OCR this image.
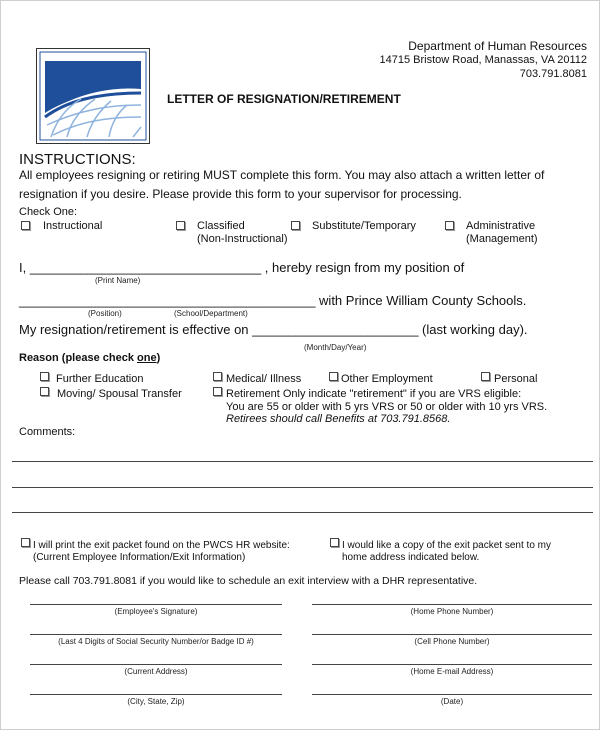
Department of Human Resources
14715 Bristow Road, Manassas, VA 20112
703.791.8081
LETTER OF RESIGNATION/RETIREMENT
INSTRUCTIONS:
All employees resigning or retiring MUST complete this form. You may also attach a written letter of
resignation if you desire. Please provide this form to your supervisor for processing.
Check One:
Instructional	Classified
(Non-Instructional)
Substitute/Temporary	Administrative
(Management)
I, ________________________________ , hereby resign from my position of
(Print Name)
_________________________________________ with Prince William County Schools.
(Position)	(School/Department)
My resignation/retirement is effective on _______________________ (last working day).
(Month/Day/Year)
Reason (please check one)
Further Education
Moving/ Spousal Transfer
Medical/ Illness	Other Employment	Personal
Retirement Only indicate "retirement" if you are VRS eligible:
You are 55 or older with 5 yrs VRS or 50 or older with 10 yrs VRS.
Retirees should call Benefits at 703.791.8568.
Comments:
I will print the exit packet found on the PWCS HR website:
(Current Employee Information/Exit Information)
I would like a copy of the exit packet sent to my
home address indicated below.
Please call 703.791.8081 if you would like to schedule an exit interview with a DHR representative.
(Employee's Signature)
(Last 4 Digits of Social Security Number/or Badge ID #)
(Current Address)
(City, State, Zip)
(Home Phone Number)
(Cell Phone Number)
(Home E-mail Address)
(Date)
